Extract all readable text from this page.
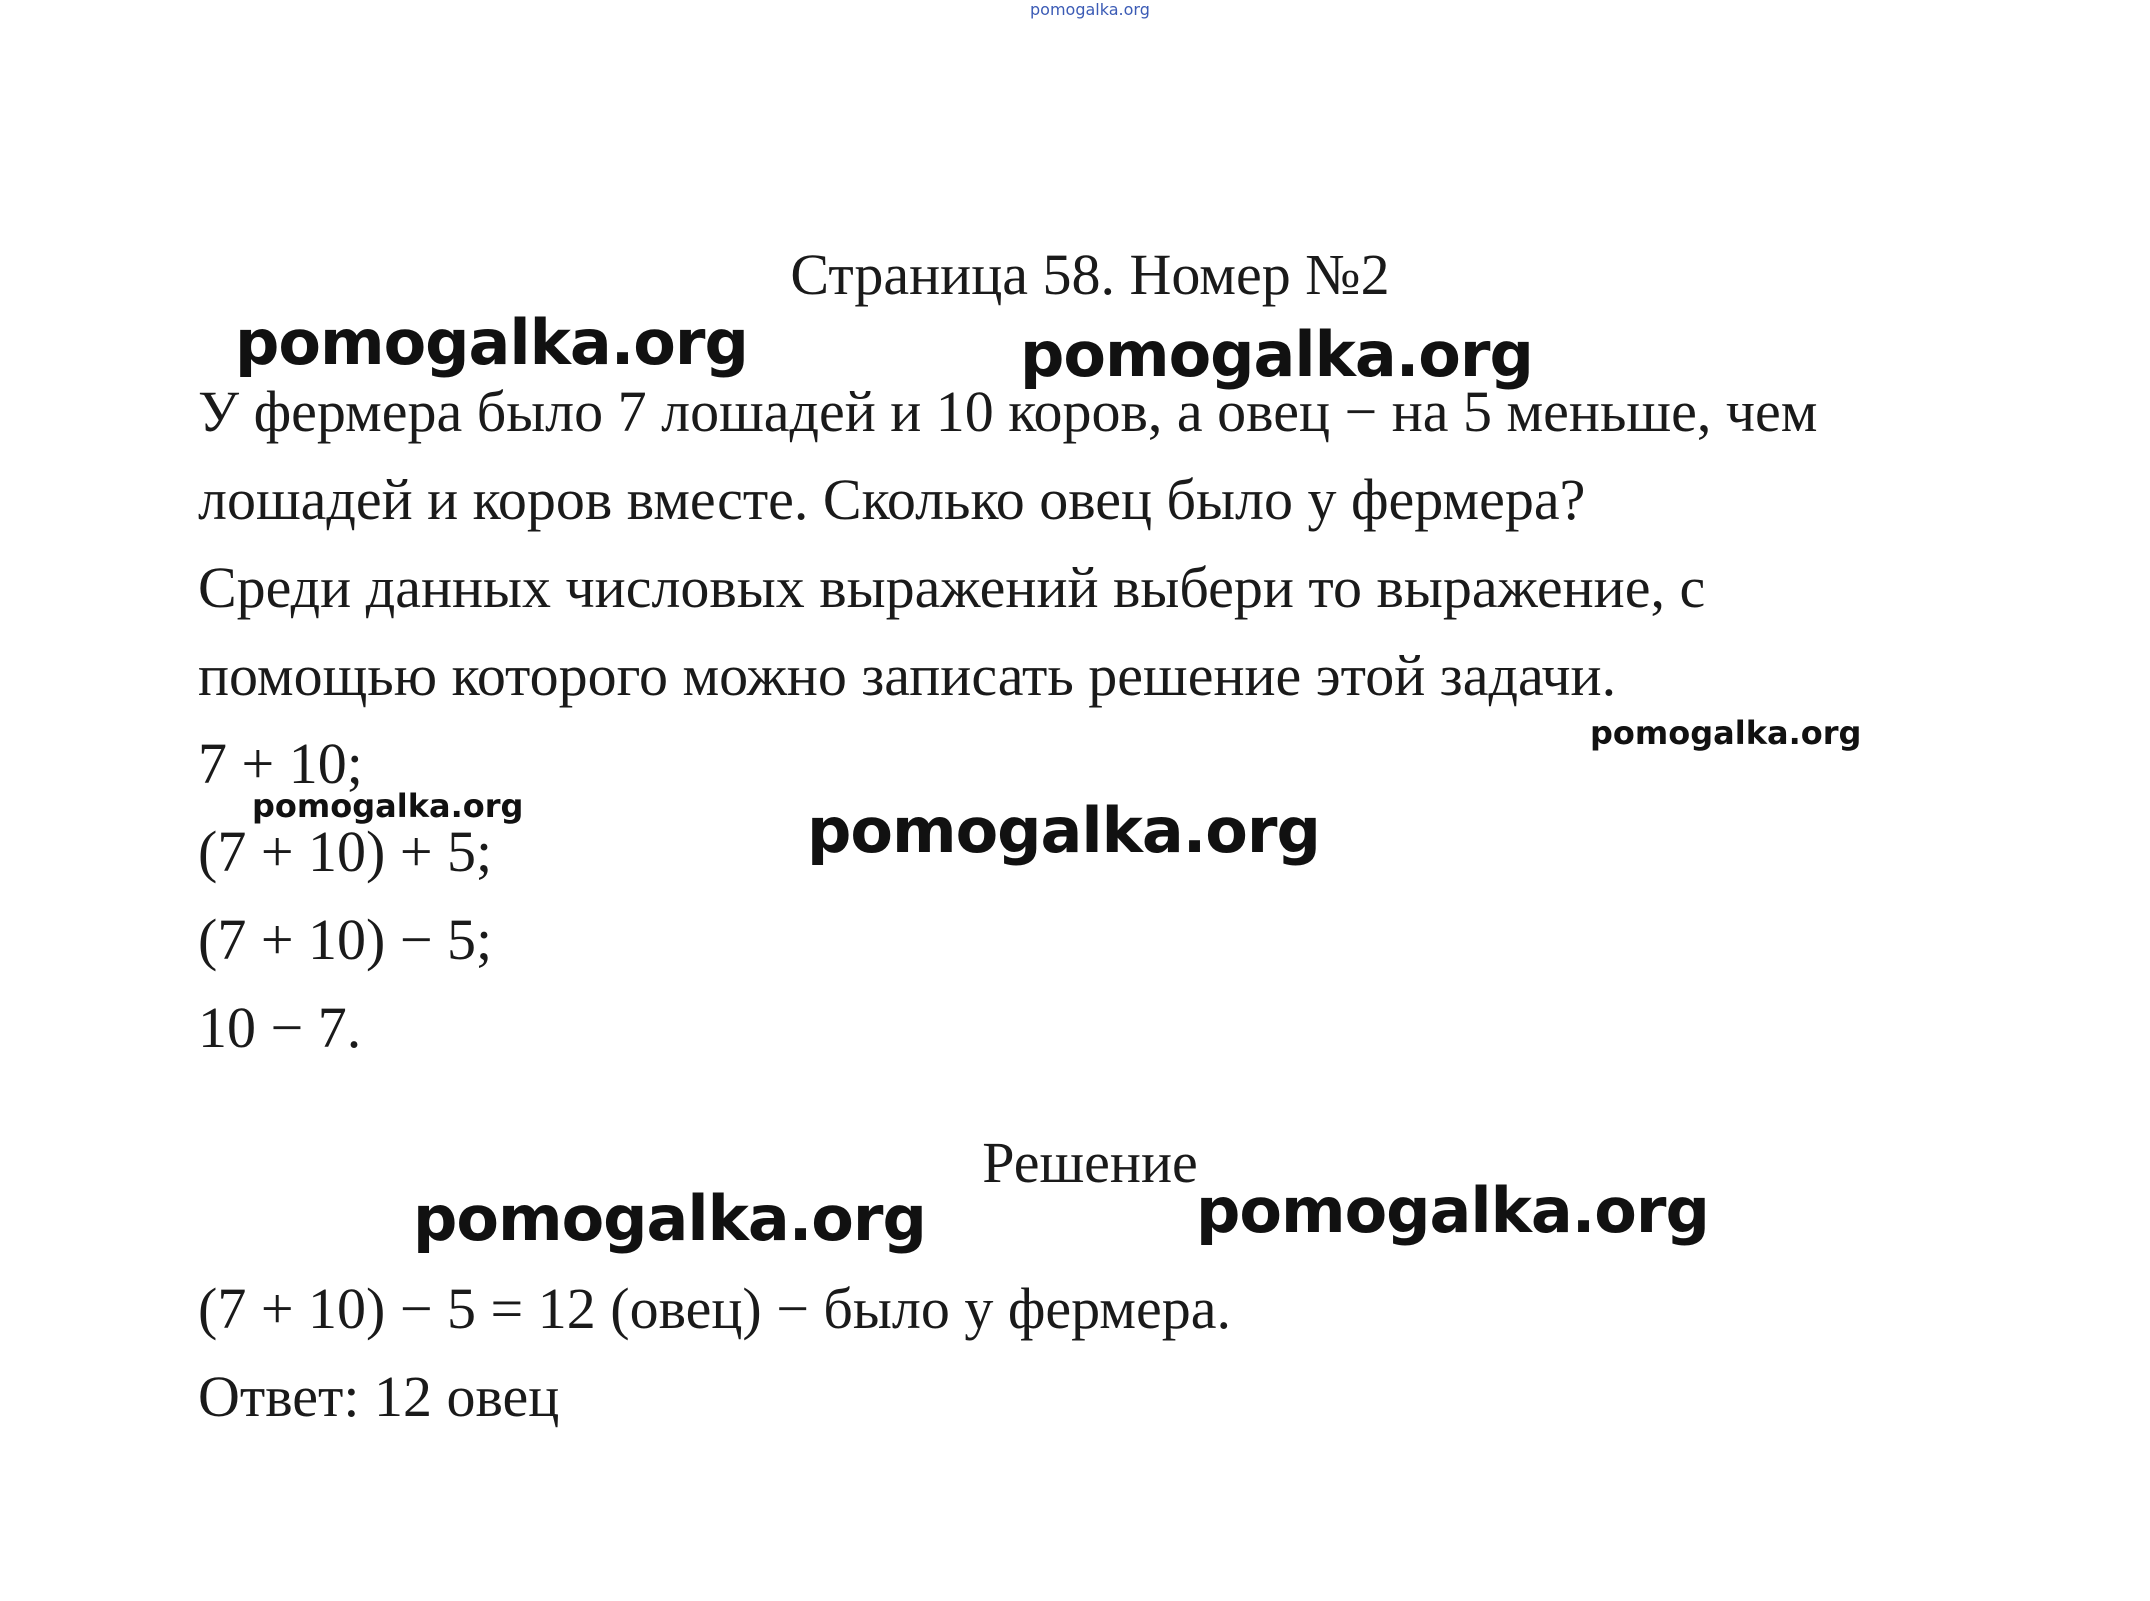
pomogalka.org
Страница 58. Номер №2
pomogalka.org	pomogalka.org
У фермера было 7 лошадей и 10 коров, а овец − на 5 меньше, чем
лошадей и коров вместе. Сколько овец было у фермера?
Среди данных числовых выражений выбери то выражение, с
помощью которого можно записать решение этой задачи.
pomogalka.org
7 + 10;
pomogalka.org	pomogalka.org
(7 + 10) + 5;
(7 + 10) − 5;
10 − 7.
Решение
pomogalka.org	pomogalka.org
(7 + 10) − 5 = 12 (овец) − было у фермера.
Ответ: 12 овец
